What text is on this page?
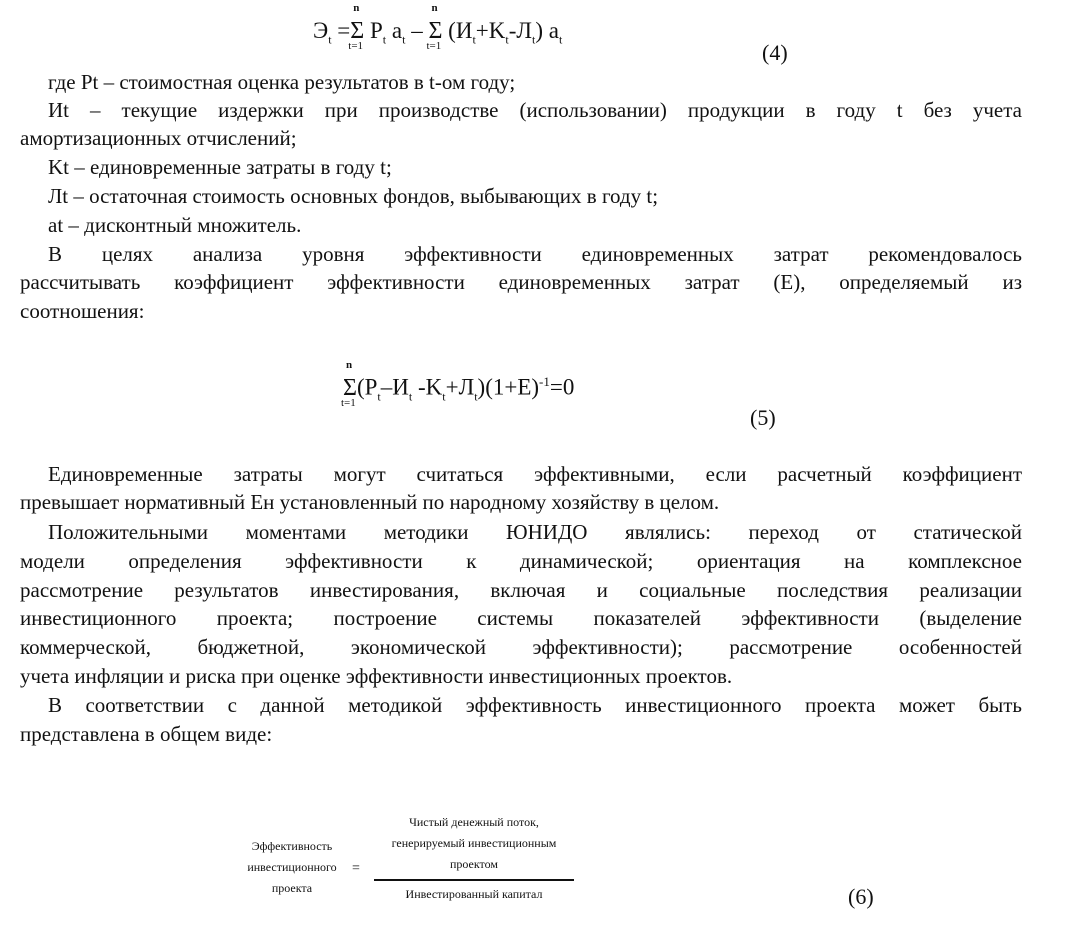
$Э_t =\Sigma$
n
t=1
$P_t$ $a_t$ – Σ
n
t=1
$(И_t+K_t-Л_t)$ $a_t$
(4)
где Pt – стоимостная оценка результатов в t-ом году;
Иt – текущие издержки при производстве (использовании) продукции в году t без учета
амортизационных отчислений;
Kt – единовременные затраты в году t;
Лt – остаточная стоимость основных фондов, выбывающих в году t;
at – дисконтный множитель.
В целях анализа уровня эффективности единовременных затрат рекомендовалось
рассчитывать коэффициент эффективности единовременных затрат (Е), определяемый из
соотношения:
Σ
n
t=1
($P_t-И_t$ $-K_t+Л_t)(1+E)^{-1}=0$
(5)
Единовременные затраты могут считаться эффективными, если расчетный коэффициент
превышает нормативный Ен установленный по народному хозяйству в целом.
Положительными моментами методики ЮНИДО являлись: переход от статической
модели определения эффективности к динамической; ориентация на комплексное
рассмотрение результатов инвестирования, включая и социальные последствия реализации
инвестиционного проекта; построение системы показателей эффективности (выделение
коммерческой, бюджетной, экономической эффективности); рассмотрение особенностей
учета инфляции и риска при оценке эффективности инвестиционных проектов.
В соответствии с данной методикой эффективность инвестиционного проекта может быть
представлена в общем виде:
Эффективность
инвестиционного
проекта
=
Чистый денежный поток,
генерируемый инвестиционным
проектом
Инвестированный капитал	(6)
